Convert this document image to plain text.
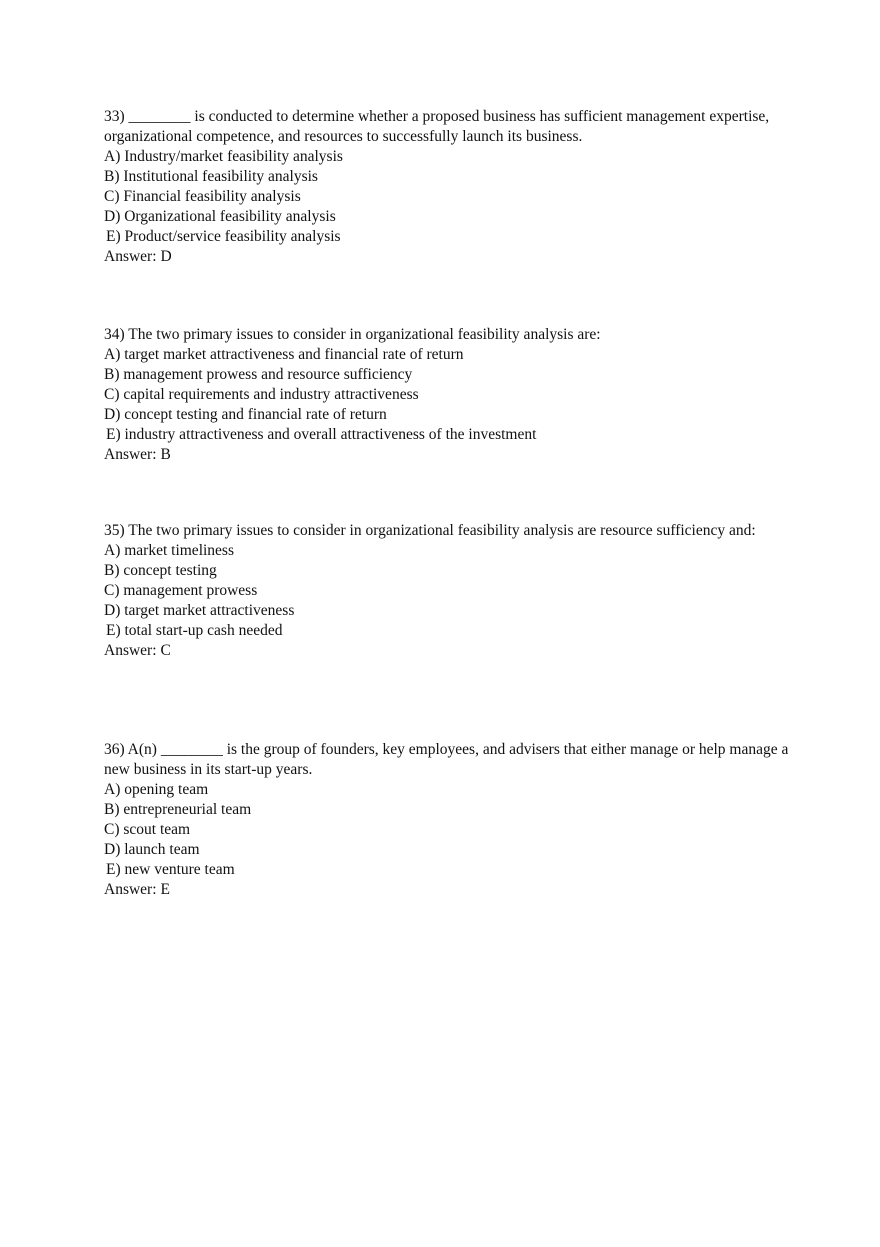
33) ________ is conducted to determine whether a proposed business has sufficient management expertise, organizational competence, and resources to successfully launch its business.

A) Industry/market feasibility analysis
B) Institutional feasibility analysis
C) Financial feasibility analysis
D) Organizational feasibility analysis
E) Product/service feasibility analysis

Answer: D

34) The two primary issues to consider in organizational feasibility analysis are:

A) target market attractiveness and financial rate of return
B) management prowess and resource sufficiency
C) capital requirements and industry attractiveness
D) concept testing and financial rate of return
E) industry attractiveness and overall attractiveness of the investment

Answer: B

35) The two primary issues to consider in organizational feasibility analysis are resource sufficiency and:

A) market timeliness
B) concept testing
C) management prowess
D) target market attractiveness
E) total start-up cash needed

Answer: C

36) A(n) ________ is the group of founders, key employees, and advisers that either manage or help manage a new business in its start-up years.

A) opening team
B) entrepreneurial team
C) scout team
D) launch team
E) new venture team

Answer: E
